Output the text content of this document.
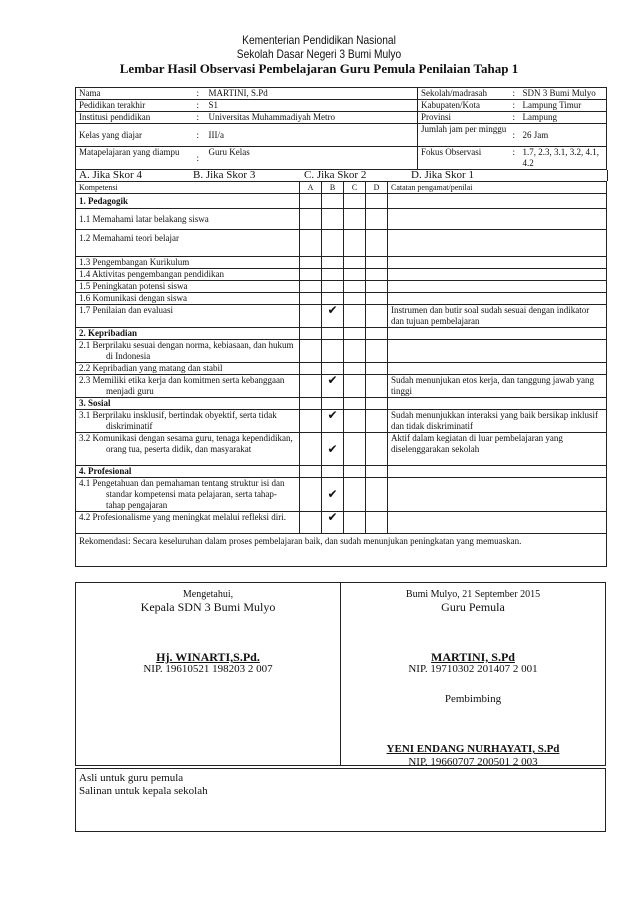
Kementerian Pendidikan Nasional
Sekolah Dasar Negeri 3 Bumi Mulyo
Lembar Hasil Observasi Pembelajaran Guru Pemula Penilaian Tahap 1
Nama	:	MARTINI, S.Pd	Sekolah/madrasah	:	SDN 3 Bumi Mulyo
Pedidikan terakhir	:	S1	Kabupaten/Kota	:	Lampung Timur
Institusi pendidikan	:	Universitas Muhammadiyah Metro	Provinsi	:	Lampung
Kelas yang diajar	:	III/a	Jumlah jam per minggu	:	26 Jam
Matapelajaran yang diampu	:	Guru Kelas	Fokus Observasi	:	1.7, 2.3, 3.1, 3.2, 4.1, 4.2
A. Jika Skor 4	B. Jika Skor 3	C. Jika Skor 2	D. Jika Skor 1
Kompetensi	A	B	C	D	Catatan pengamat/penilai
1. Pedagogik					
1.1 Memahami latar belakang siswa					
1.2 Memahami teori belajar					
1.3 Pengembangan Kurikulum					
1.4 Aktivitas pengembangan pendidikan					
1.5 Peningkatan potensi siswa					
1.6 Komunikasi dengan siswa					
1.7 Penilaian dan evaluasi		✔			Instrumen dan butir soal sudah sesuai dengan indikator dan tujuan pembelajaran
2. Kepribadian					
2.1 Berprilaku sesuai dengan norma, kebiasaan, dan hukum di Indonesia					
2.2 Kepribadian yang matang dan stabil					
2.3 Memiliki etika kerja dan komitmen serta kebanggaan menjadi guru		✔			Sudah menunjukan etos kerja, dan tanggung jawab yang tinggi
3. Sosial					
3.1 Berprilaku insklusif, bertindak obyektif, serta tidak diskriminatif		✔			Sudah menunjukkan interaksi yang baik bersikap inklusif dan tidak diskriminatif
3.2 Komunikasi dengan sesama guru, tenaga kependidikan, orang tua, peserta didik, dan masyarakat		✔			Aktif dalam kegiatan di luar pembelajaran yang diselenggarakan sekolah
4. Profesional					
4.1 Pengetahuan dan pemahaman tentang struktur isi dan standar kompetensi mata pelajaran, serta tahap-tahap pengajaran		✔			
4.2 Profesionalisme yang meningkat melalui refleksi diri.		✔			
Rekomendasi: Secara keseluruhan dalam proses pembelajaran baik, dan sudah menunjukan peningkatan yang memuaskan.					
Mengetahui,
Kepala SDN 3 Bumi Mulyo
Hj. WINARTI,S.Pd.
NIP. 19610521 198203 2 007
Bumi Mulyo, 21 September 2015
Guru Pemula
MARTINI, S.Pd
NIP. 19710302 201407 2 001
Pembimbing
YENI ENDANG NURHAYATI, S.Pd
NIP. 19660707 200501 2 003
Asli untuk guru pemula
Salinan untuk kepala sekolah
